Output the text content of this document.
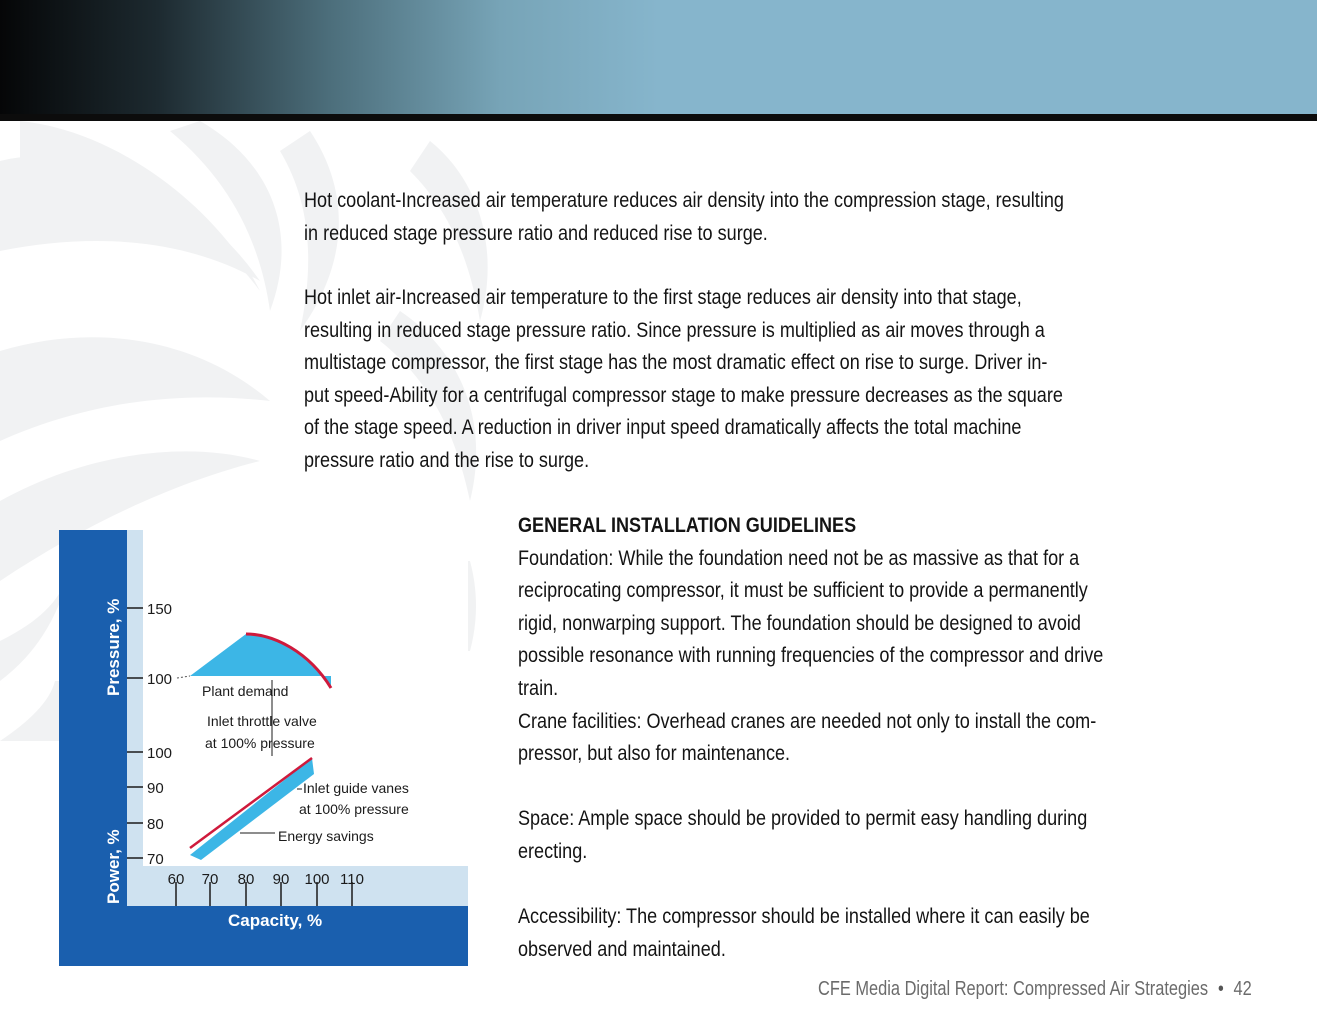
Hot coolant-Increased air temperature reduces air density into the compression stage, resulting
in reduced stage pressure ratio and reduced rise to surge.

Hot inlet air-Increased air temperature to the first stage reduces air density into that stage,
resulting in reduced stage pressure ratio. Since pressure is multiplied as air moves through a
multistage compressor, the first stage has the most dramatic effect on rise to surge. Driver in-
put speed-Ability for a centrifugal compressor stage to make pressure decreases as the square
of the stage speed. A reduction in driver input speed dramatically affects the total machine
pressure ratio and the rise to surge.

GENERAL INSTALLATION GUIDELINES

Foundation: While the foundation need not be as massive as that for a
reciprocating compressor, it must be sufficient to provide a permanently
rigid, nonwarping support. The foundation should be designed to avoid
possible resonance with running frequencies of the compressor and drive
train.

Crane facilities: Overhead cranes are needed not only to install the com-
pressor, but also for maintenance.

Space: Ample space should be provided to permit easy handling during
erecting.

Accessibility: The compressor should be installed where it can easily be
observed and maintained.

Pressure, %
Power, %
Capacity, %
150
100
100
90
80
70
60 70 80 90 100 110
Plant demand
Inlet throttle valve
at 100% pressure
Inlet guide vanes
at 100% pressure
Energy savings
CFE Media Digital Report: Compressed Air Strategies • 42
